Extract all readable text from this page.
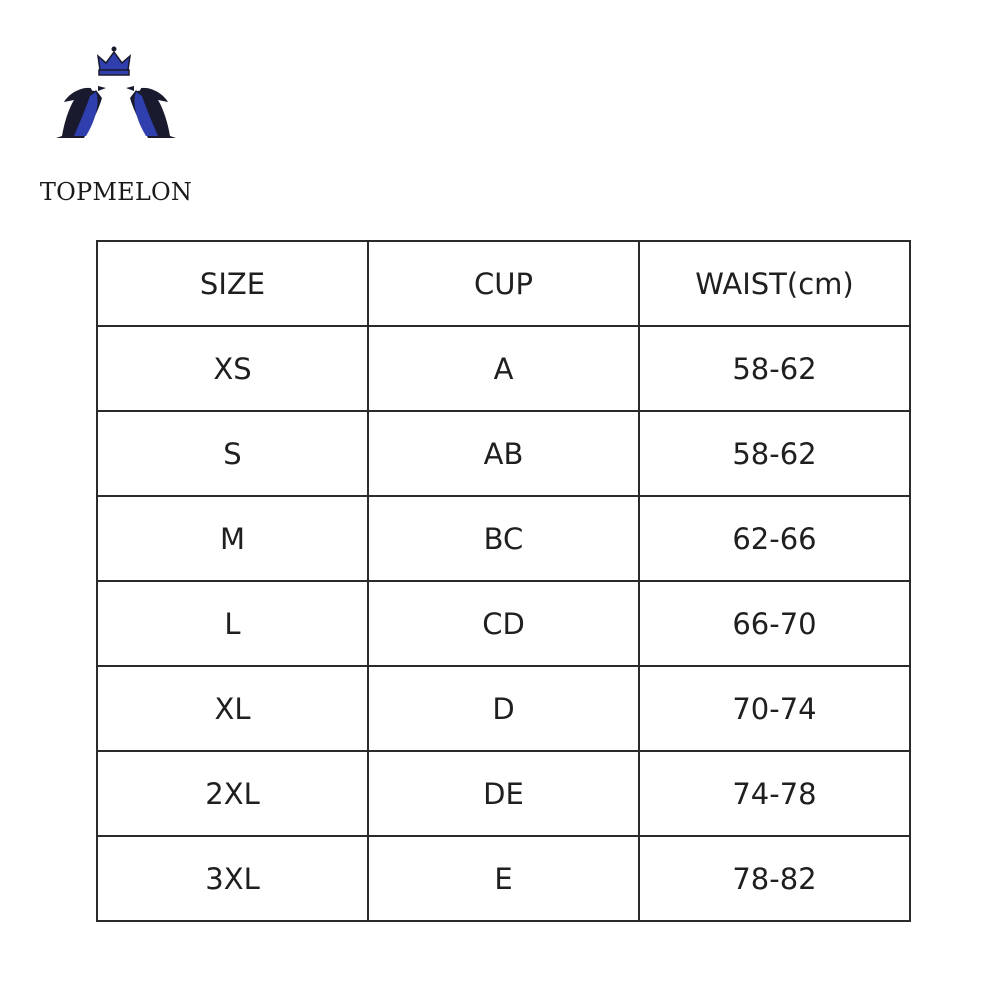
TOPMELON
SIZE	CUP	WAIST(cm)
XS	A	58-62
S	AB	58-62
M	BC	62-66
L	CD	66-70
XL	D	70-74
2XL	DE	74-78
3XL	E	78-82
